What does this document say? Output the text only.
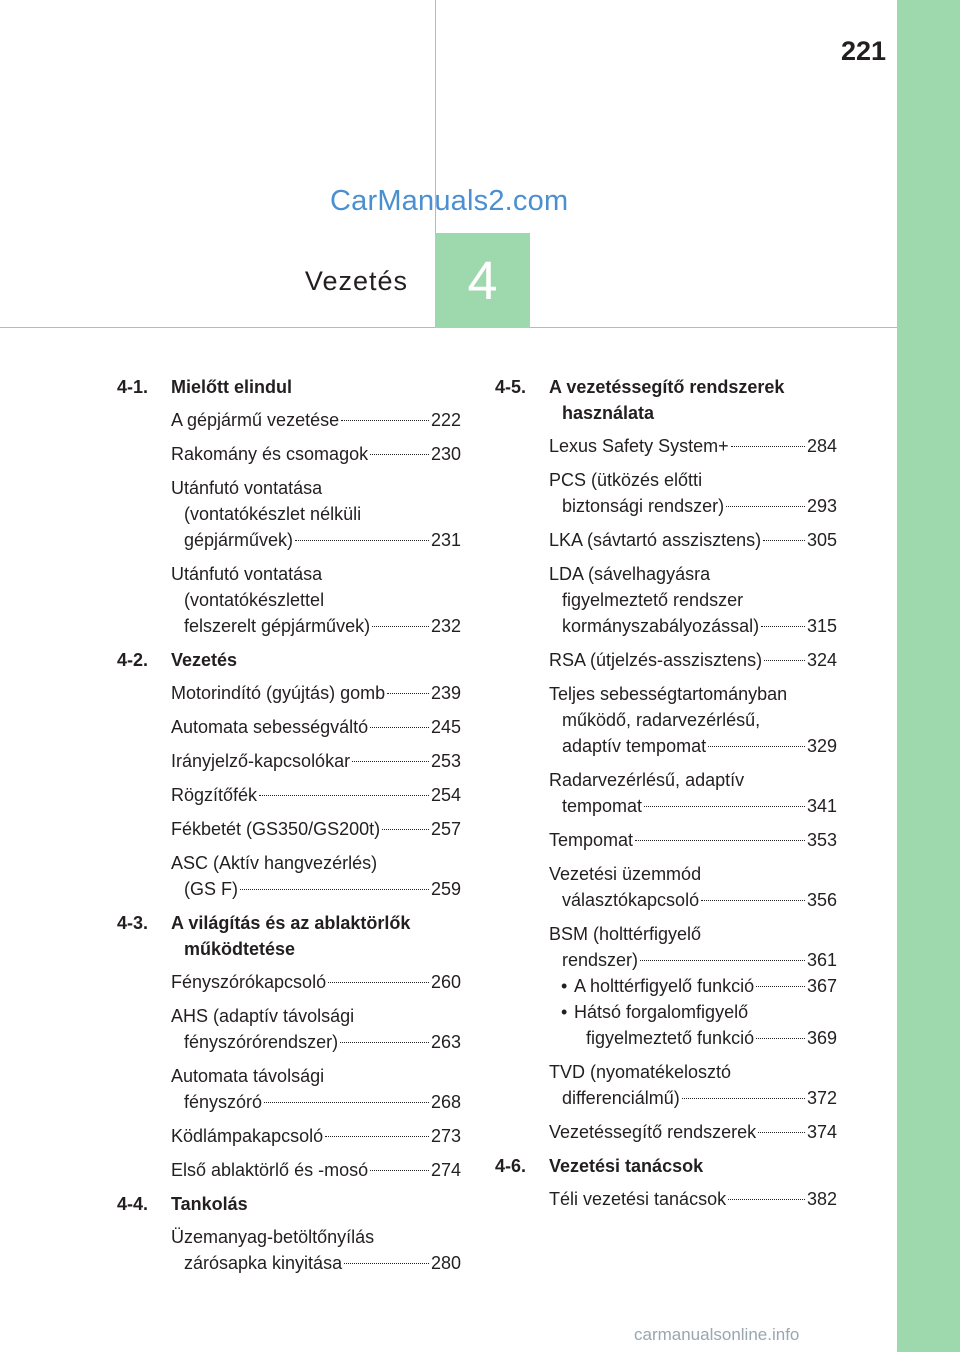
221
CarManuals2.com
Vezetés 4
4-1.	Mielőtt elindul
A gépjármű vezetése	222
Rakomány és csomagok	230
Utánfutó vontatása
(vontatókészlet nélküli
gépjárművek)	231
Utánfutó vontatása
(vontatókészlettel
felszerelt gépjárművek)	232
4-2.	Vezetés
Motorindító (gyújtás) gomb	239
Automata sebességváltó	245
Irányjelző-kapcsolókar	253
Rögzítőfék	254
Fékbetét (GS350/GS200t)	257
ASC (Aktív hangvezérlés)
(GS F)	259
4-3.	A világítás és az ablaktörlők
működtetése
Fényszórókapcsoló	260
AHS (adaptív távolsági
fényszórórendszer)	263
Automata távolsági
fényszóró	268
Ködlámpakapcsoló	273
Első ablaktörlő és -mosó	274
4-4.	Tankolás
Üzemanyag-betöltőnyílás
zárósapka kinyitása	280
4-5.	A vezetéssegítő rendszerek
használata
Lexus Safety System+	284
PCS (ütközés előtti
biztonsági rendszer)	293
LKA (sávtartó asszisztens)	305
LDA (sávelhagyásra
figyelmeztető rendszer
kormányszabályozással)	315
RSA (útjelzés-asszisztens) 324
Teljes sebességtartományban
működő, radarvezérlésű,
adaptív tempomat	329
Radarvezérlésű, adaptív
tempomat	341
Tempomat	353
Vezetési üzemmód
választókapcsoló	356
BSM (holttérfigyelő
rendszer)	361
• A holttérfigyelő funkció	367
• Hátsó forgalomfigyelő
figyelmeztető funkció	369
TVD (nyomatékelosztó
differenciálmű)	372
Vezetéssegítő rendszerek	374
4-6.	Vezetési tanácsok
Téli vezetési tanácsok	382
carmanualsonline.info
